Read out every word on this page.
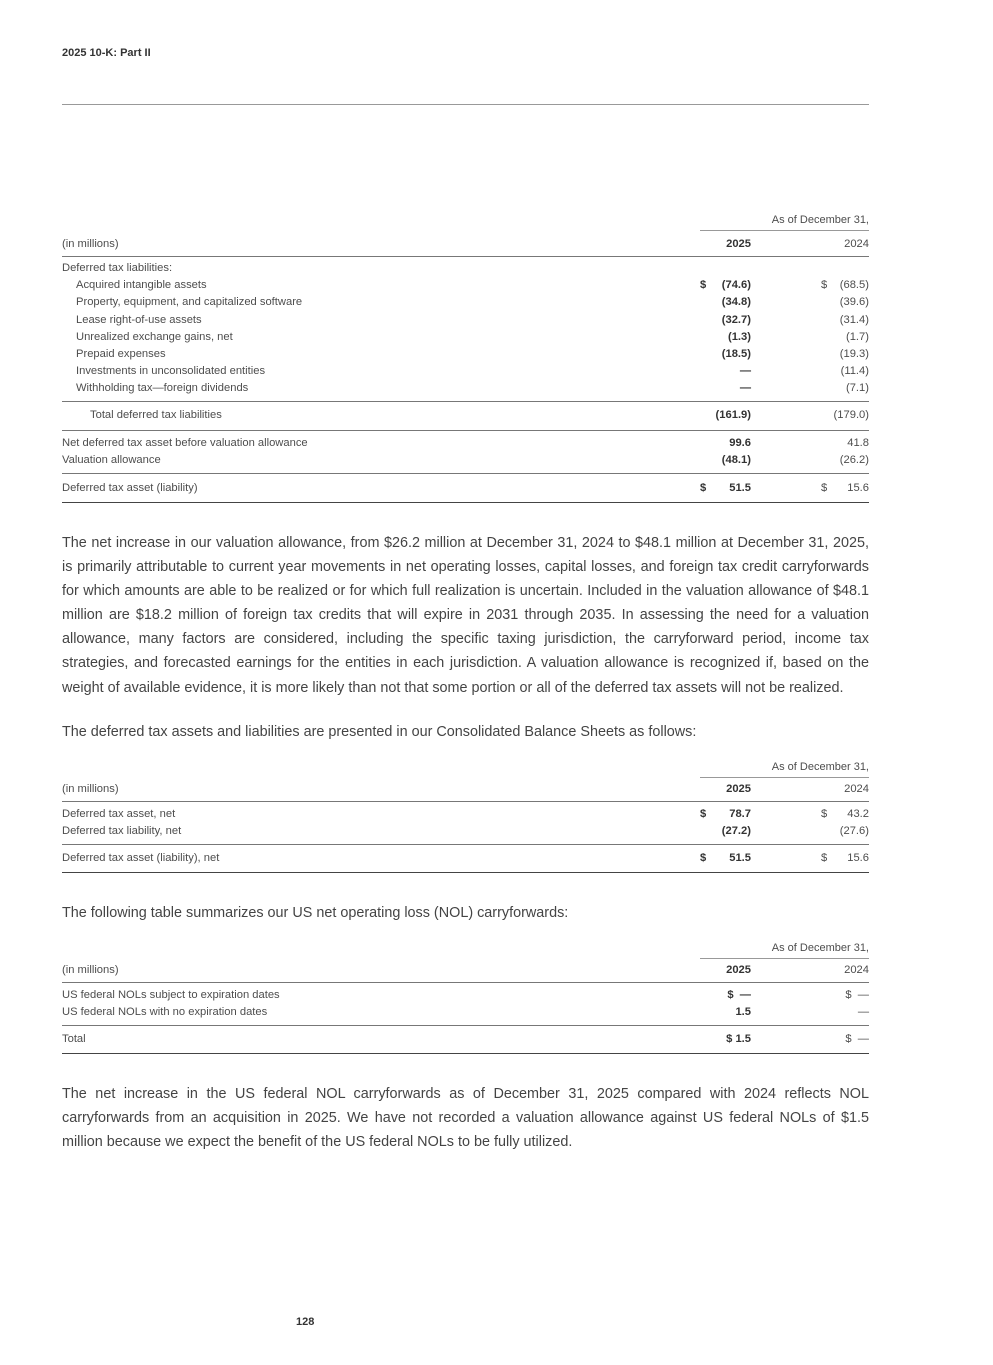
2025 10-K: Part II
As of December 31,
(in millions)	2025	2024
Deferred tax liabilities:
Acquired intangible assets	$ (74.6)	$ (68.5)
Property, equipment, and capitalized software	(34.8)	(39.6)
Lease right-of-use assets	(32.7)	(31.4)
Unrealized exchange gains, net	(1.3)	(1.7)
Prepaid expenses	(18.5)	(19.3)
Investments in unconsolidated entities	—	(11.4)
Withholding tax—foreign dividends	—	(7.1)
Total deferred tax liabilities	(161.9)	(179.0)
Net deferred tax asset before valuation allowance	99.6	41.8
Valuation allowance	(48.1)	(26.2)
Deferred tax asset (liability)	$ 51.5	$ 15.6
The net increase in our valuation allowance, from $26.2 million at December 31, 2024 to $48.1 million at December 31, 2025, is primarily attributable to current year movements in net operating losses, capital losses, and foreign tax credit carryforwards for which amounts are able to be realized or for which full realization is uncertain. Included in the valuation allowance of $48.1 million are $18.2 million of foreign tax credits that will expire in 2031 through 2035. In assessing the need for a valuation allowance, many factors are considered, including the specific taxing jurisdiction, the carryforward period, income tax strategies, and forecasted earnings for the entities in each jurisdiction. A valuation allowance is recognized if, based on the weight of available evidence, it is more likely than not that some portion or all of the deferred tax assets will not be realized.
The deferred tax assets and liabilities are presented in our Consolidated Balance Sheets as follows:
As of December 31,
(in millions)	2025	2024
Deferred tax asset, net	$ 78.7	$ 43.2
Deferred tax liability, net	(27.2)	(27.6)
Deferred tax asset (liability), net	$ 51.5	$ 15.6
The following table summarizes our US net operating loss (NOL) carryforwards:
As of December 31,
(in millions)	2025	2024
US federal NOLs subject to expiration dates	$  —	$  —
US federal NOLs with no expiration dates	1.5	—
Total	$ 1.5	$  —
The net increase in the US federal NOL carryforwards as of December 31, 2025 compared with 2024 reflects NOL carryforwards from an acquisition in 2025. We have not recorded a valuation allowance against US federal NOLs of $1.5 million because we expect the benefit of the US federal NOLs to be fully utilized.
128
